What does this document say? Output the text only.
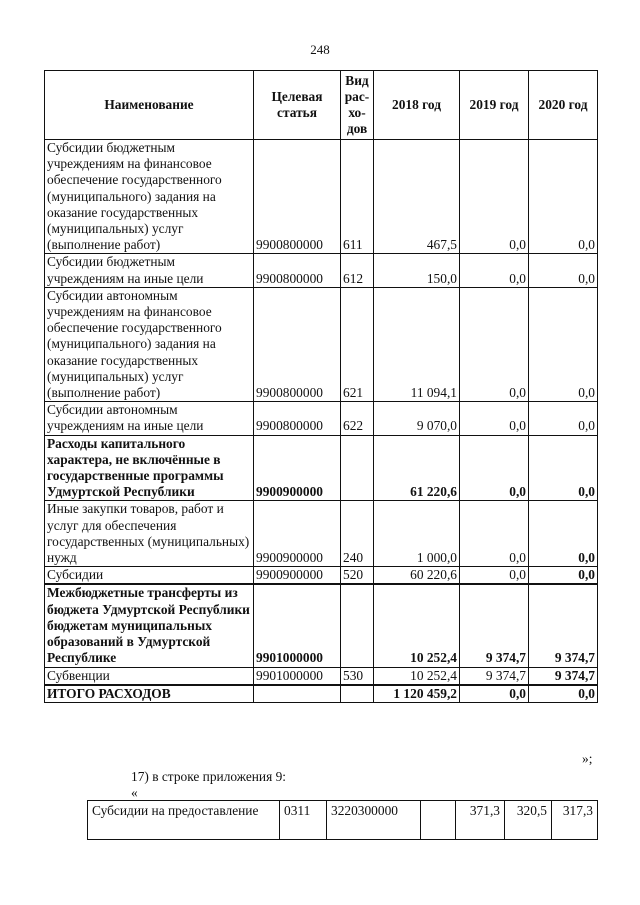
248
Наименование	Целевая статья	Вид рас-хо-дов	2018 год	2019 год	2020 год
Субсидии бюджетным учреждениям на финансовое обеспечение государственного (муниципального) задания на оказание государственных (муниципальных) услуг (выполнение работ)	9900800000	611	467,5	0,0	0,0
Субсидии бюджетным учреждениям на иные цели	9900800000	612	150,0	0,0	0,0
Субсидии автономным учреждениям на финансовое обеспечение государственного (муниципального) задания на оказание государственных (муниципальных) услуг (выполнение работ)	9900800000	621	11 094,1	0,0	0,0
Субсидии автономным учреждениям на иные цели	9900800000	622	9 070,0	0,0	0,0
Расходы капитального характера, не включённые в государственные программы Удмуртской Республики	9900900000		61 220,6	0,0	0,0
Иные закупки товаров, работ и услуг для обеспечения государственных (муниципальных) нужд	9900900000	240	1 000,0	0,0	0,0
Субсидии	9900900000	520	60 220,6	0,0	0,0
Межбюджетные трансферты из бюджета Удмуртской Республики бюджетам муниципальных образований в Удмуртской Республике	9901000000		10 252,4	9 374,7	9 374,7
Субвенции	9901000000	530	10 252,4	9 374,7	9 374,7
ИТОГО РАСХОДОВ			1 120 459,2	0,0	0,0
»;
17) в строке приложения 9:
«
Субсидии на предоставление	0311	3220300000		371,3	320,5	317,3
